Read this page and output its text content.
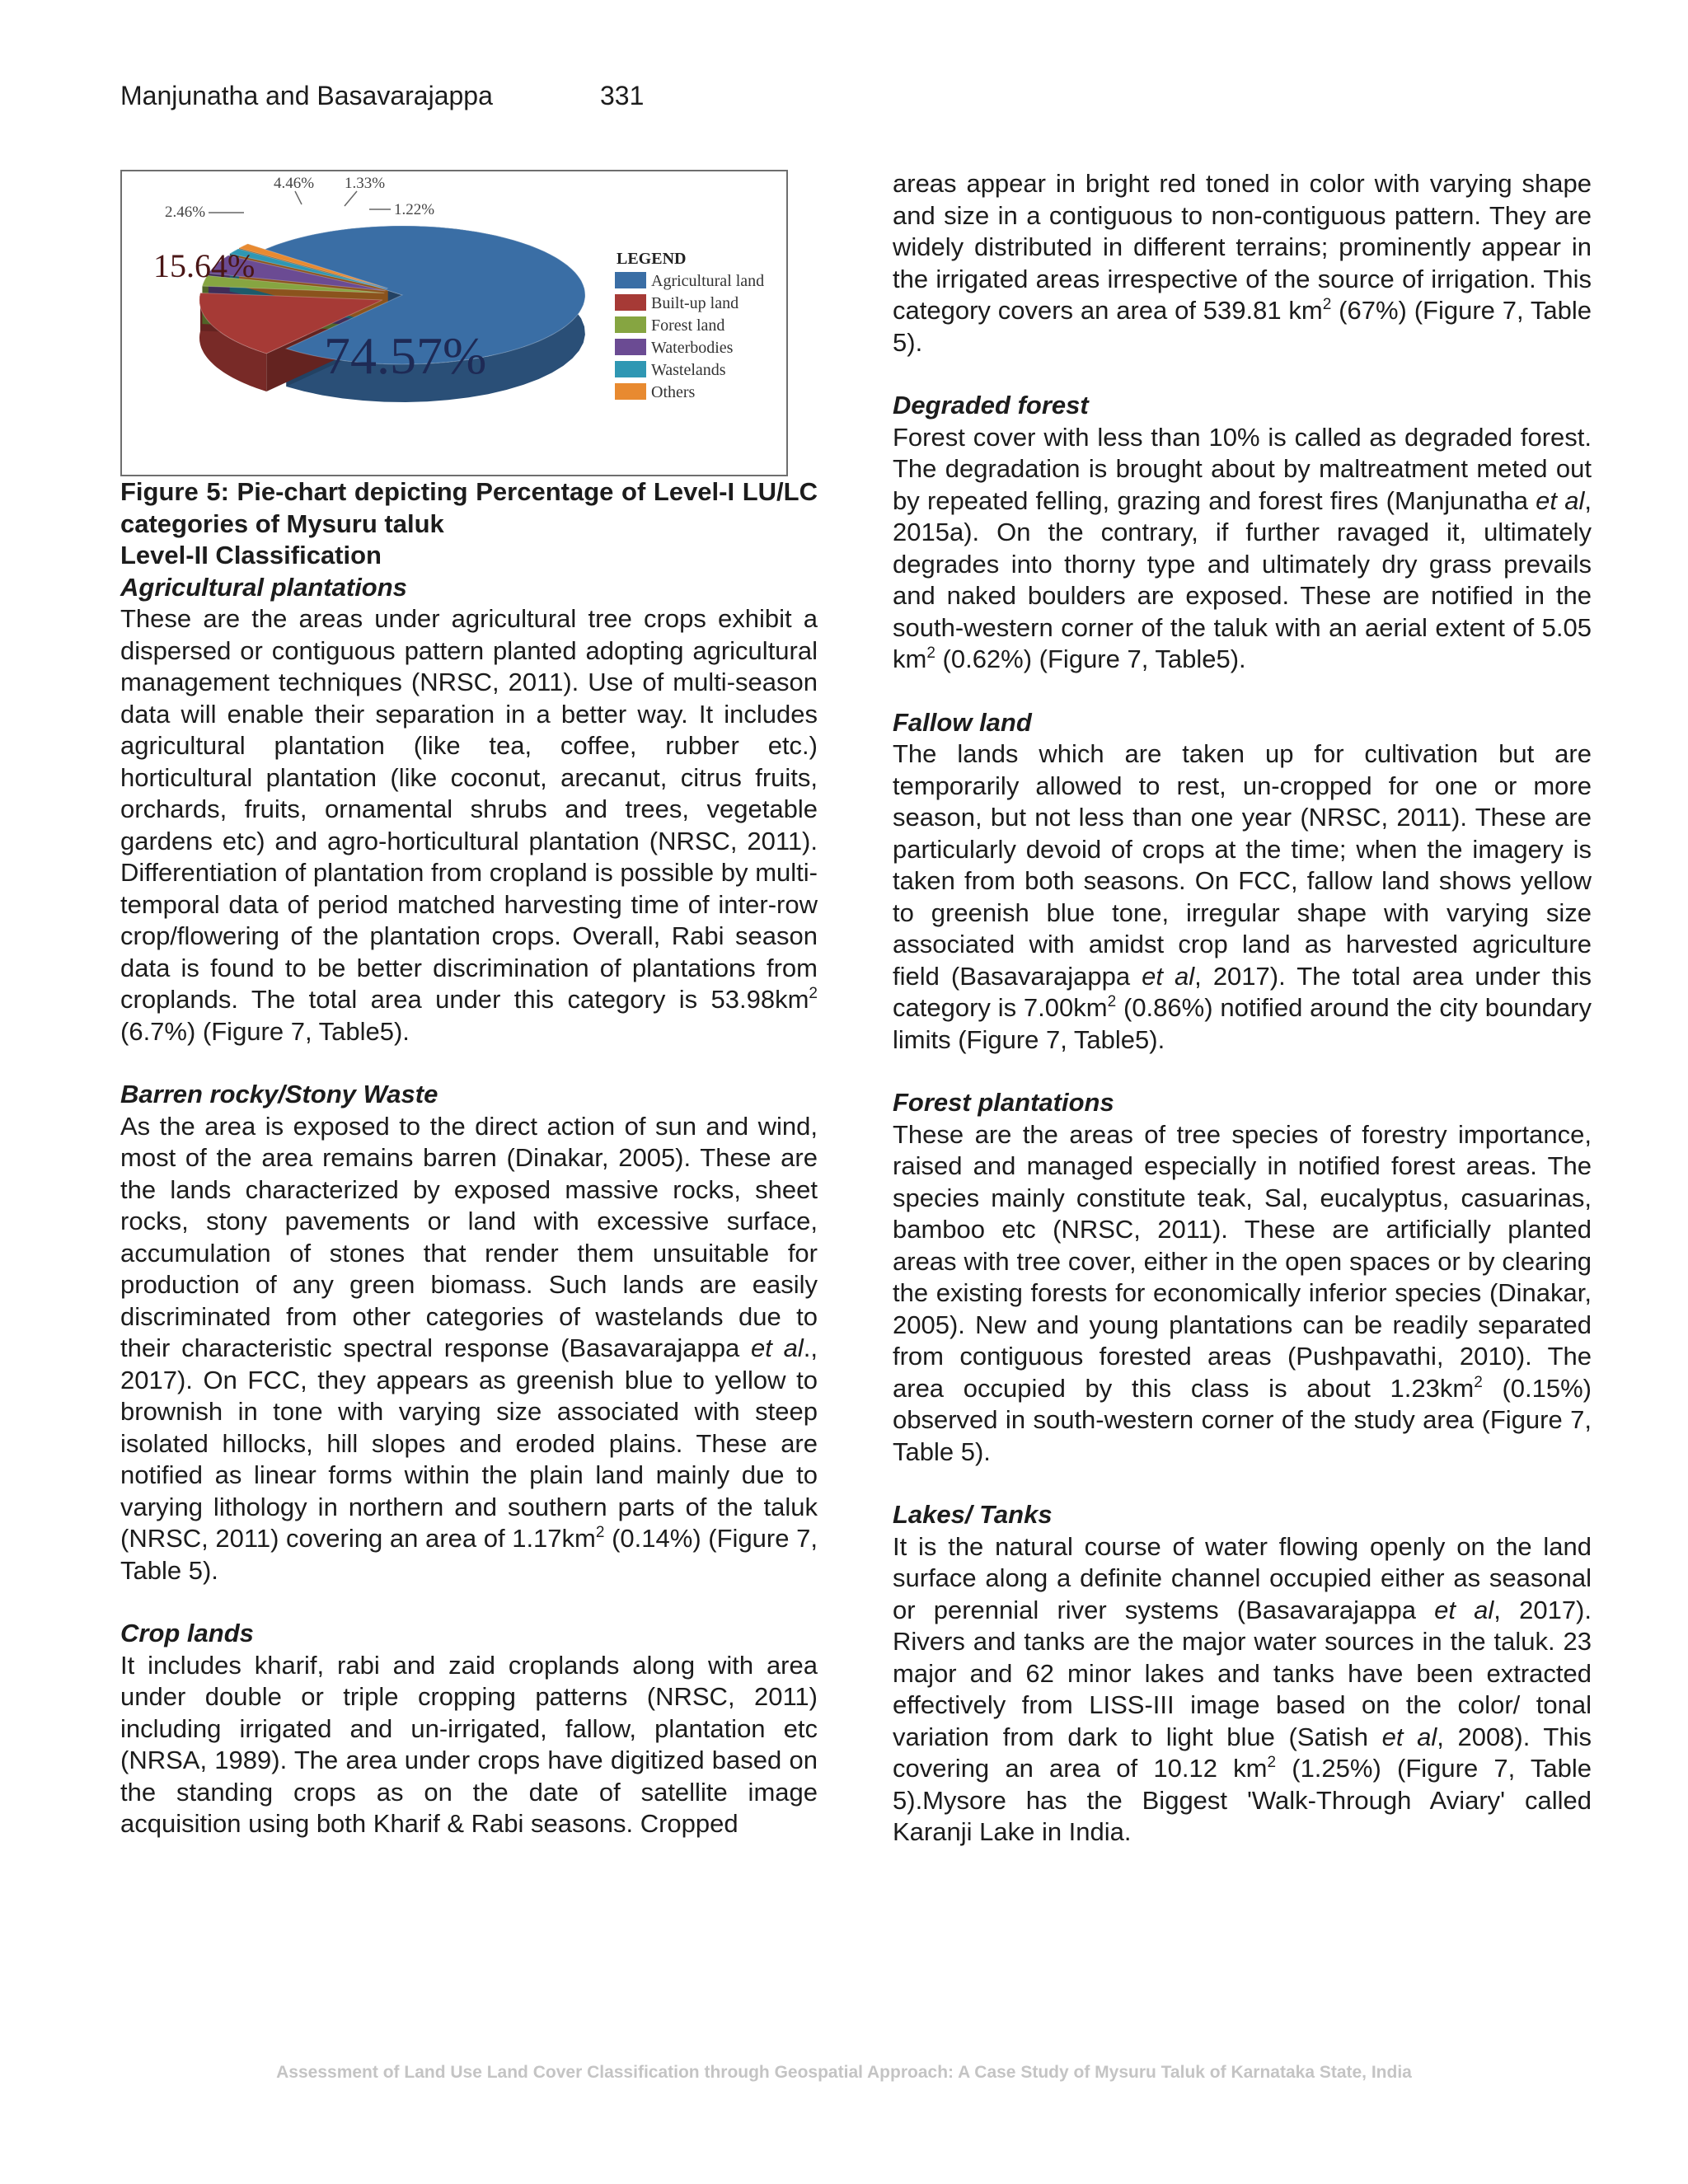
Manjunatha and Basavarajappa	331
74.57%
15.64%
2.46%
4.46% 1.33%
1.22%
LEGEND
Agricultural land
Built-up land
Forest land
Waterbodies
Wastelands
Others

Figure 5: Pie-chart depicting Percentage of Level-I LU/LC categories of Mysuru taluk

Level-II Classification

Agricultural plantations

These are the areas under agricultural tree crops exhibit a dispersed or contiguous pattern planted adopting agricultural management techniques (NRSC, 2011). Use of multi-season data will enable their separation in a better way. It includes agricultural plantation (like tea, coffee, rubber etc.) horticultural plantation (like coconut, arecanut, citrus fruits, orchards, fruits, ornamental shrubs and trees, vegetable gardens etc) and agro-horticultural plantation (NRSC, 2011). Differentiation of plantation from cropland is possible by multi-temporal data of period matched harvesting time of inter-row crop/flowering of the plantation crops. Overall, Rabi season data is found to be better discrimination of plantations from croplands. The total area under this category is $53.98km^2$ (6.7%) (Figure 7, Table5).

Barren rocky/Stony Waste

As the area is exposed to the direct action of sun and wind, most of the area remains barren (Dinakar, 2005). These are the lands characterized by exposed massive rocks, sheet rocks, stony pavements or land with excessive surface, accumulation of stones that render them unsuitable for production of any green biomass. Such lands are easily discriminated from other categories of wastelands due to their characteristic spectral response (Basavarajappa et al., 2017). On FCC, they appears as greenish blue to yellow to brownish in tone with varying size associated with steep isolated hillocks, hill slopes and eroded plains. These are notified as linear forms within the plain land mainly due to varying lithology in northern and southern parts of the taluk (NRSC, 2011) covering an area of $1.17km^2$ (0.14%) (Figure 7, Table 5).

Crop lands

It includes kharif, rabi and zaid croplands along with area under double or triple cropping patterns (NRSC, 2011) including irrigated and un-irrigated, fallow, plantation etc (NRSA, 1989). The area under crops have digitized based on the standing crops as on the date of satellite image acquisition using both Kharif & Rabi seasons. Cropped

areas appear in bright red toned in color with varying shape and size in a contiguous to non-contiguous pattern. They are widely distributed in different terrains; prominently appear in the irrigated areas irrespective of the source of irrigation. This category covers an area of 539.81 $km^2$ (67%) (Figure 7, Table 5).

Degraded forest

Forest cover with less than 10% is called as degraded forest. The degradation is brought about by maltreatment meted out by repeated felling, grazing and forest fires (Manjunatha et al, 2015a). On the contrary, if further ravaged it, ultimately degrades into thorny type and ultimately dry grass prevails and naked boulders are exposed. These are notified in the south-western corner of the taluk with an aerial extent of 5.05 $km^2$ (0.62%) (Figure 7, Table5).

Fallow land

The lands which are taken up for cultivation but are temporarily allowed to rest, un-cropped for one or more season, but not less than one year (NRSC, 2011). These are particularly devoid of crops at the time; when the imagery is taken from both seasons. On FCC, fallow land shows yellow to greenish blue tone, irregular shape with varying size associated with amidst crop land as harvested agriculture field (Basavarajappa et al, 2017). The total area under this category is $7.00km^2$ (0.86%) notified around the city boundary limits (Figure 7, Table5).

Forest plantations

These are the areas of tree species of forestry importance, raised and managed especially in notified forest areas. The species mainly constitute teak, Sal, eucalyptus, casuarinas, bamboo etc (NRSC, 2011). These are artificially planted areas with tree cover, either in the open spaces or by clearing the existing forests for economically inferior species (Dinakar, 2005). New and young plantations can be readily separated from contiguous forested areas (Pushpavathi, 2010). The area occupied by this class is about $1.23km^2$ (0.15%) observed in south-western corner of the study area (Figure 7, Table 5).

Lakes/ Tanks

It is the natural course of water flowing openly on the land surface along a definite channel occupied either as seasonal or perennial river systems (Basavarajappa et al, 2017). Rivers and tanks are the major water sources in the taluk. 23 major and 62 minor lakes and tanks have been extracted effectively from LISS-III image based on the color/ tonal variation from dark to light blue (Satish et al, 2008). This covering an area of 10.12 $km^2$ (1.25%) (Figure 7, Table 5).Mysore has the Biggest 'Walk-Through Aviary' called Karanji Lake in India.

Assessment of Land Use Land Cover Classification through Geospatial Approach: A Case Study of Mysuru Taluk of Karnataka State, India
